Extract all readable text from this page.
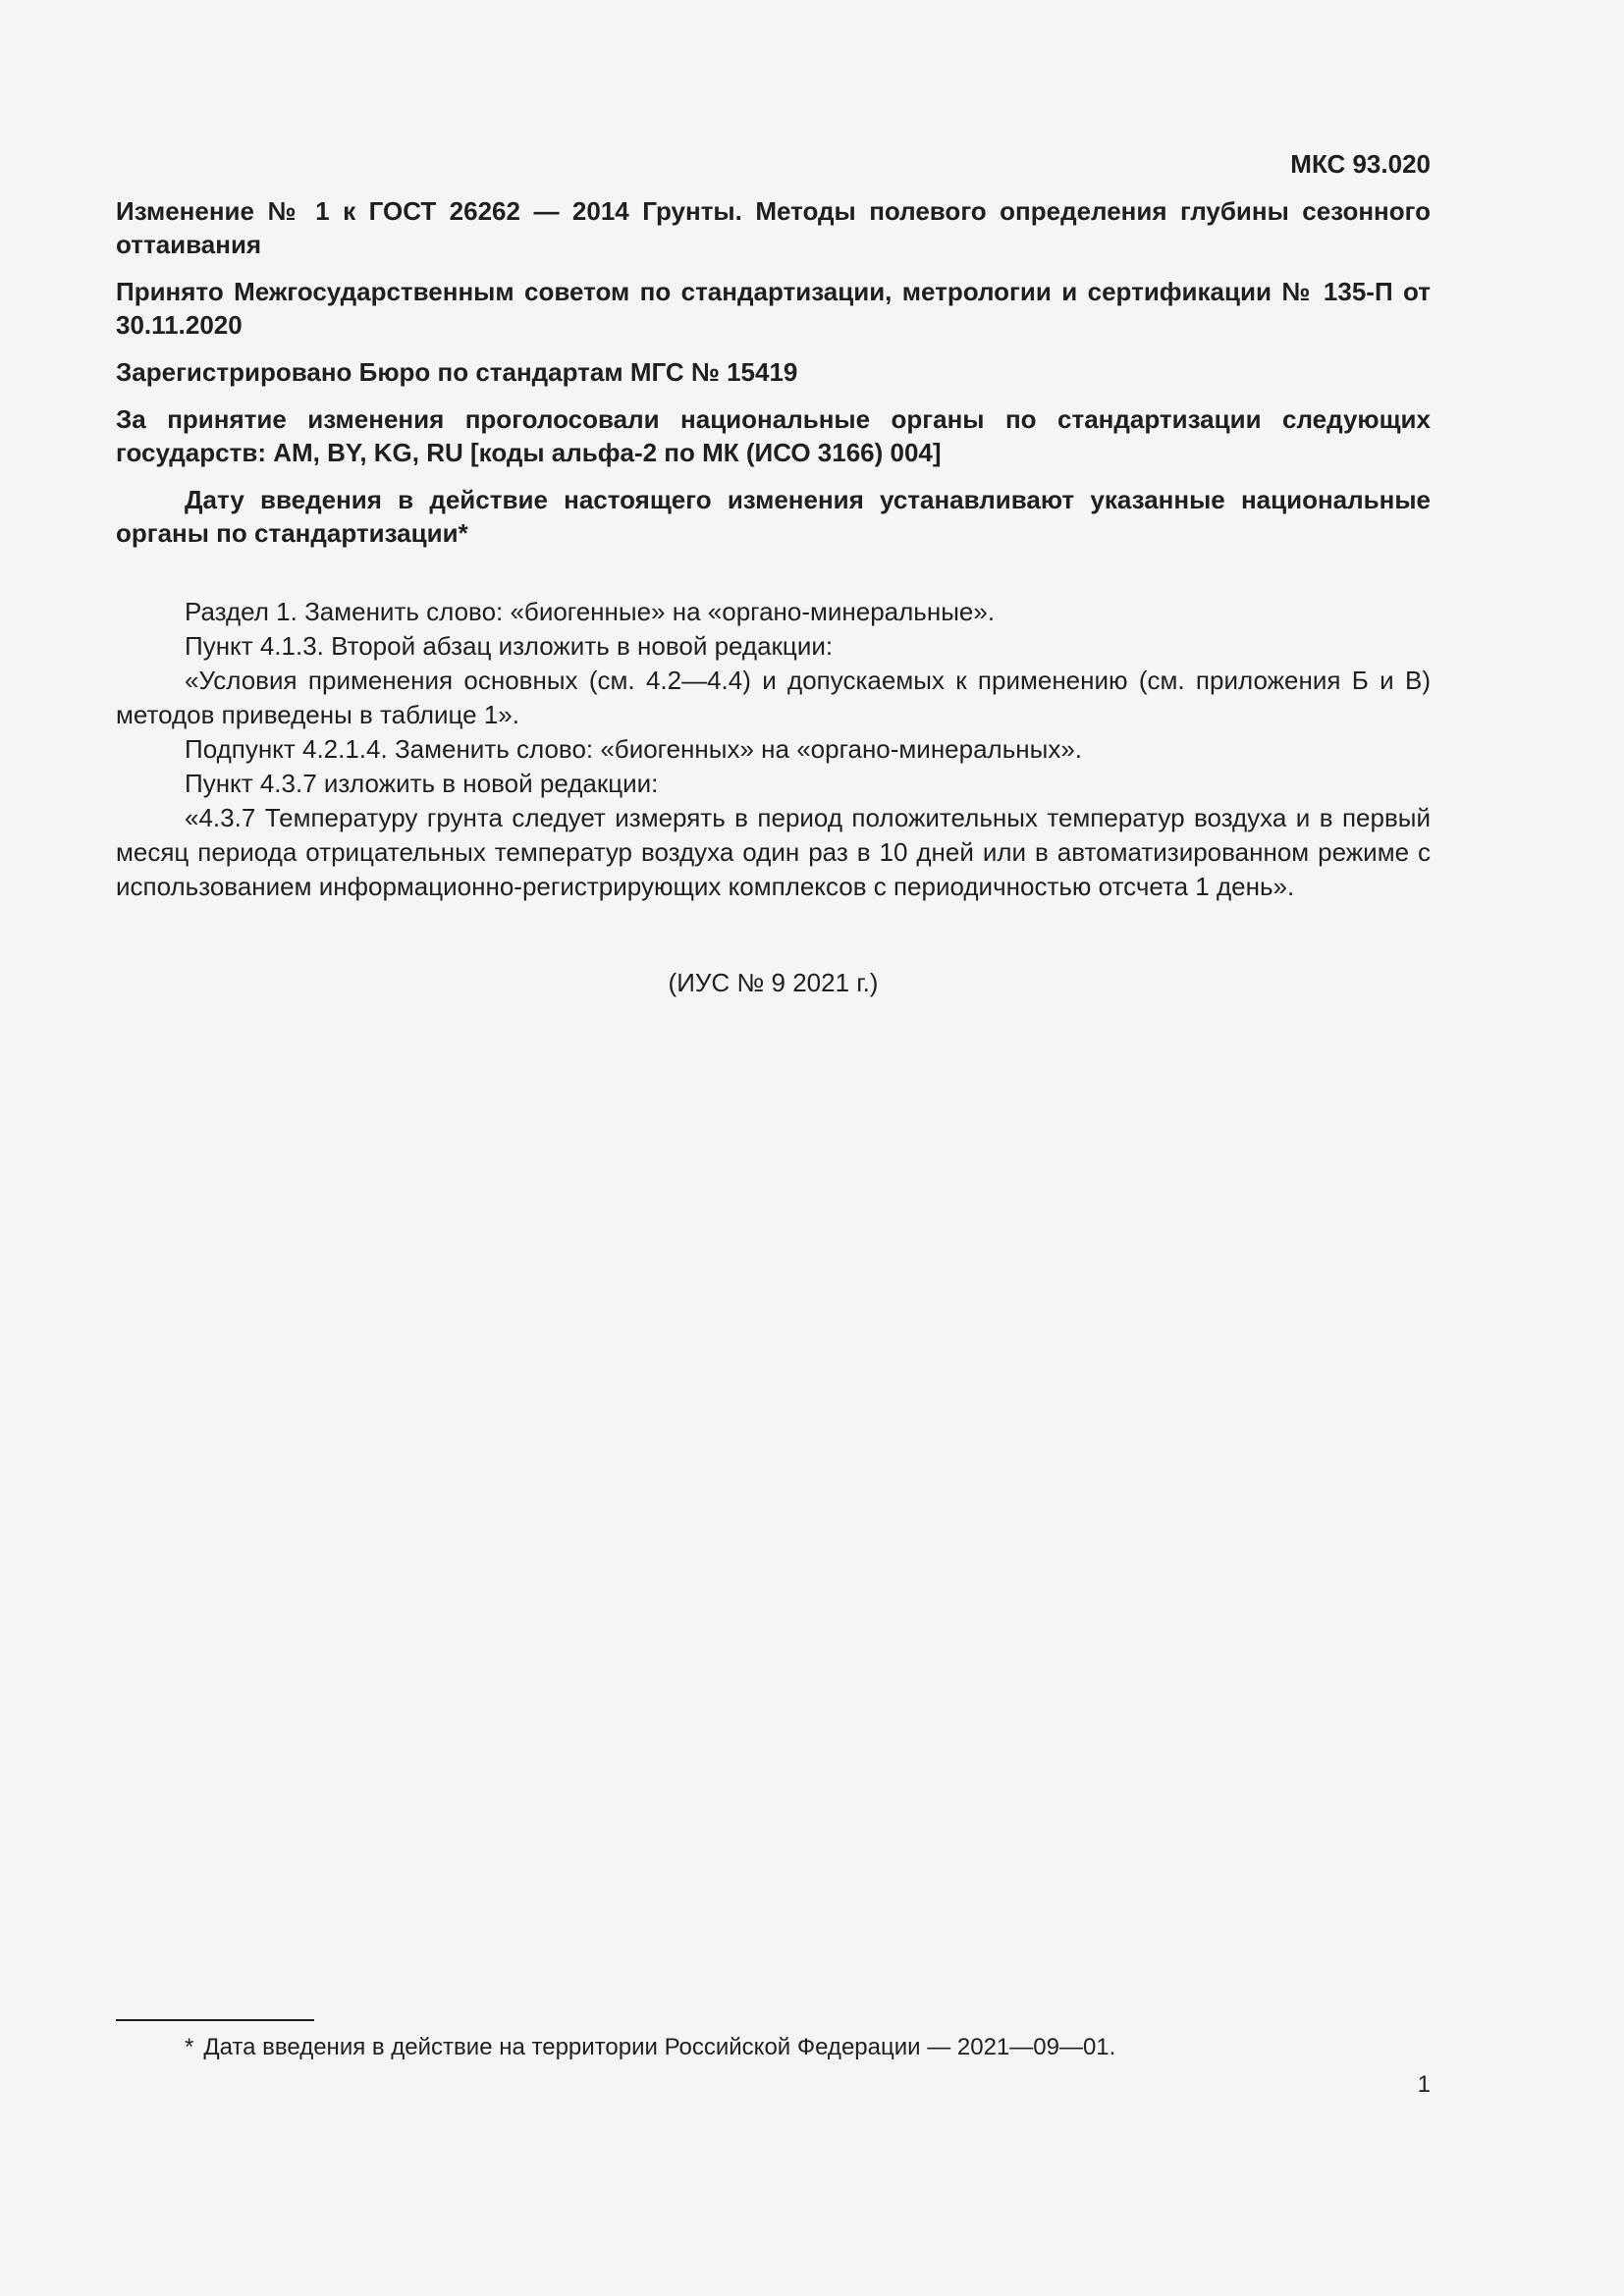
МКС 93.020

Изменение № 1 к ГОСТ 26262 — 2014 Грунты. Методы полевого определения глубины сезонного оттаивания

Принято Межгосударственным советом по стандартизации, метрологии и сертификации № 135-П от 30.11.2020

Зарегистрировано Бюро по стандартам МГС № 15419

За принятие изменения проголосовали национальные органы по стандартизации следующих государств: AM, BY, KG, RU [коды альфа-2 по МК (ИСО 3166) 004]

Дату введения в действие настоящего изменения устанавливают указанные национальные органы по стандартизации*

Раздел 1. Заменить слово: «биогенные» на «органо-минеральные».

Пункт 4.1.3. Второй абзац изложить в новой редакции:

«Условия применения основных (см. 4.2—4.4) и допускаемых к применению (см. приложения Б и В) методов приведены в таблице 1».

Подпункт 4.2.1.4. Заменить слово: «биогенных» на «органо-минеральных».

Пункт 4.3.7 изложить в новой редакции:

«4.3.7 Температуру грунта следует измерять в период положительных температур воздуха и в первый месяц периода отрицательных температур воздуха один раз в 10 дней или в автоматизированном режиме с использованием информационно-регистрирующих комплексов с периодичностью отсчета 1 день».

(ИУС № 9 2021 г.)
* Дата введения в действие на территории Российской Федерации — 2021—09—01.
1
